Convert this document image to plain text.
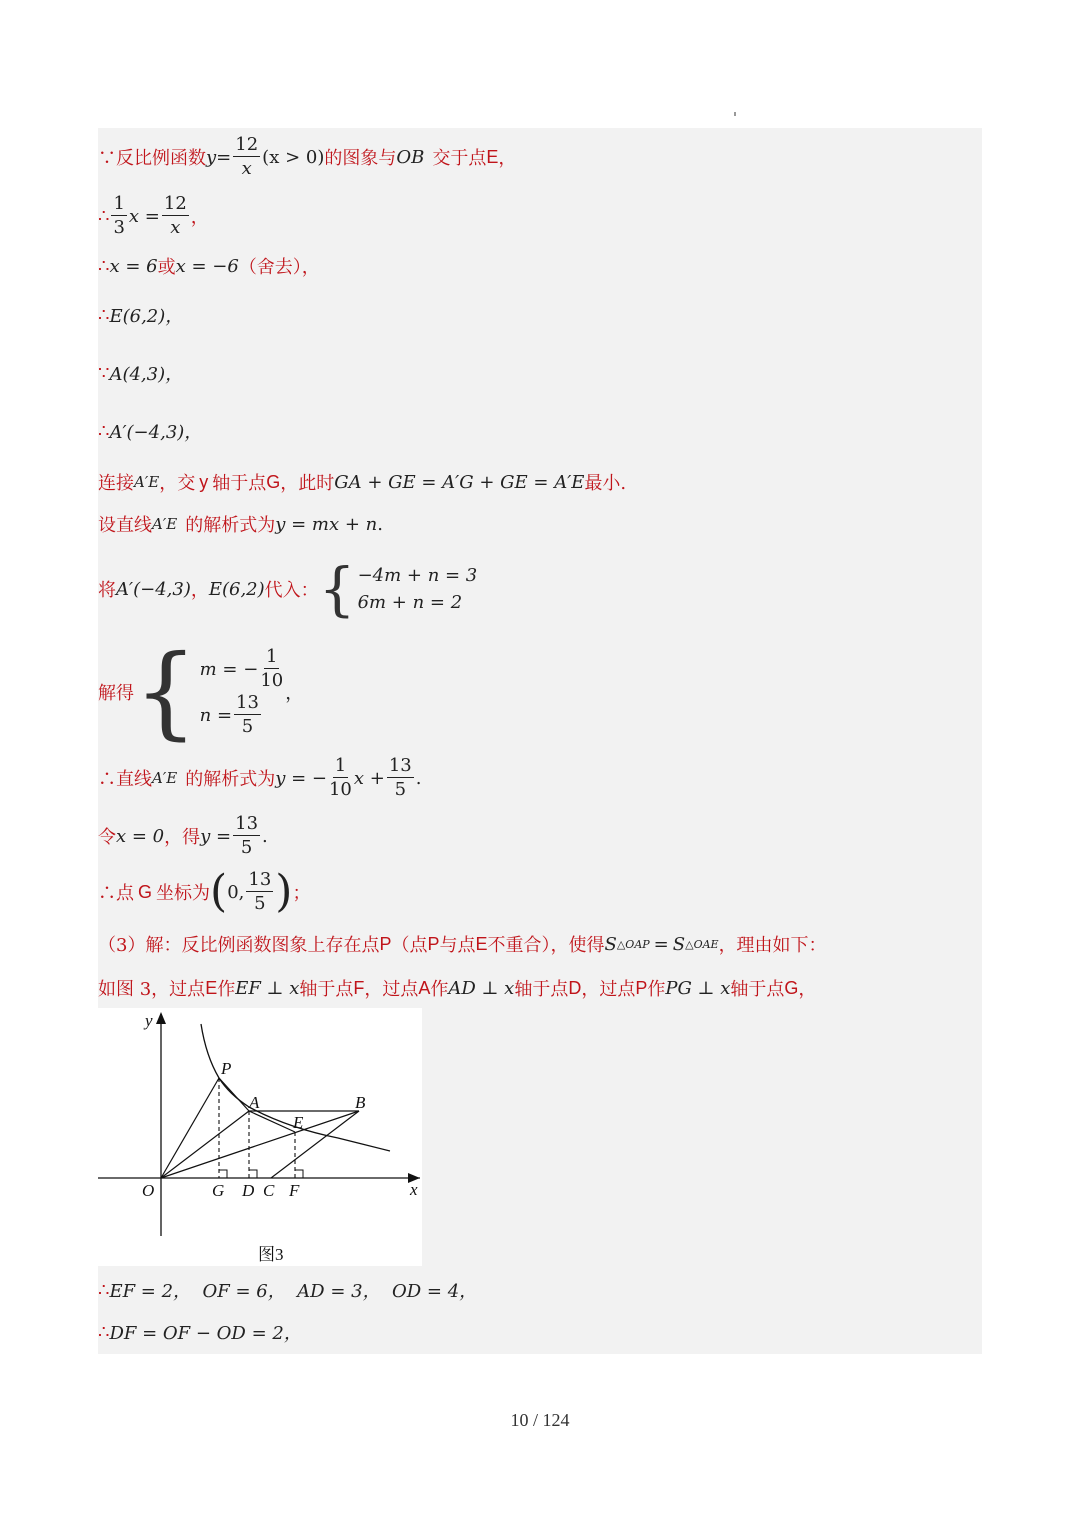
∵反比例函数 $y = \frac{12}{x} (x > 0)$ 的图象与 OB 交于点 E ，
∴ $\frac{1}{3}$ $x = \frac{12}{x}$ ，
∴ x = 6 或 x = −6 （舍去），
∴ E(6,2)，
∵ A(4,3)，
∴ A′(−4,3)，
连接 A′E ，交 y 轴于点 G ，此时 GA + GE = A′G + GE = A′E 最小.
设直线 A′E 的解析式为 y = mx + n .
将 A′(−4,3) ， E(6,2) 代入： { −4m + n = 3
6m + n = 2
解得 { m = − $\frac{1}{10}$
$n = \frac{13}{5}$
，
∴直线 A′E 的解析式为 y = − $\frac{1}{10}$ $x + \frac{13}{5}$ .
令 x = 0 ，得 $y = \frac{13}{5}$ .
∴点 G 坐标为 ( 0, $\frac{13}{5}$ ) ；
（3）解：反比例函数图象上存在点 P （点 P 与点 E 不重合），使得 S △OAP = S △OAE ，理由如下：
如图 3，过点 E 作 EF ⊥ x 轴于点 F ，过点 A 作 AD ⊥ x 轴于点 D ，过点 P 作 PG ⊥ x 轴于点 G ，
y
x
O
P
A	B
E
G D C F
图3
∴ EF = 2，  OF = 6，  AD = 3，  OD = 4，
∴ DF = OF − OD = 2，
10 / 124
